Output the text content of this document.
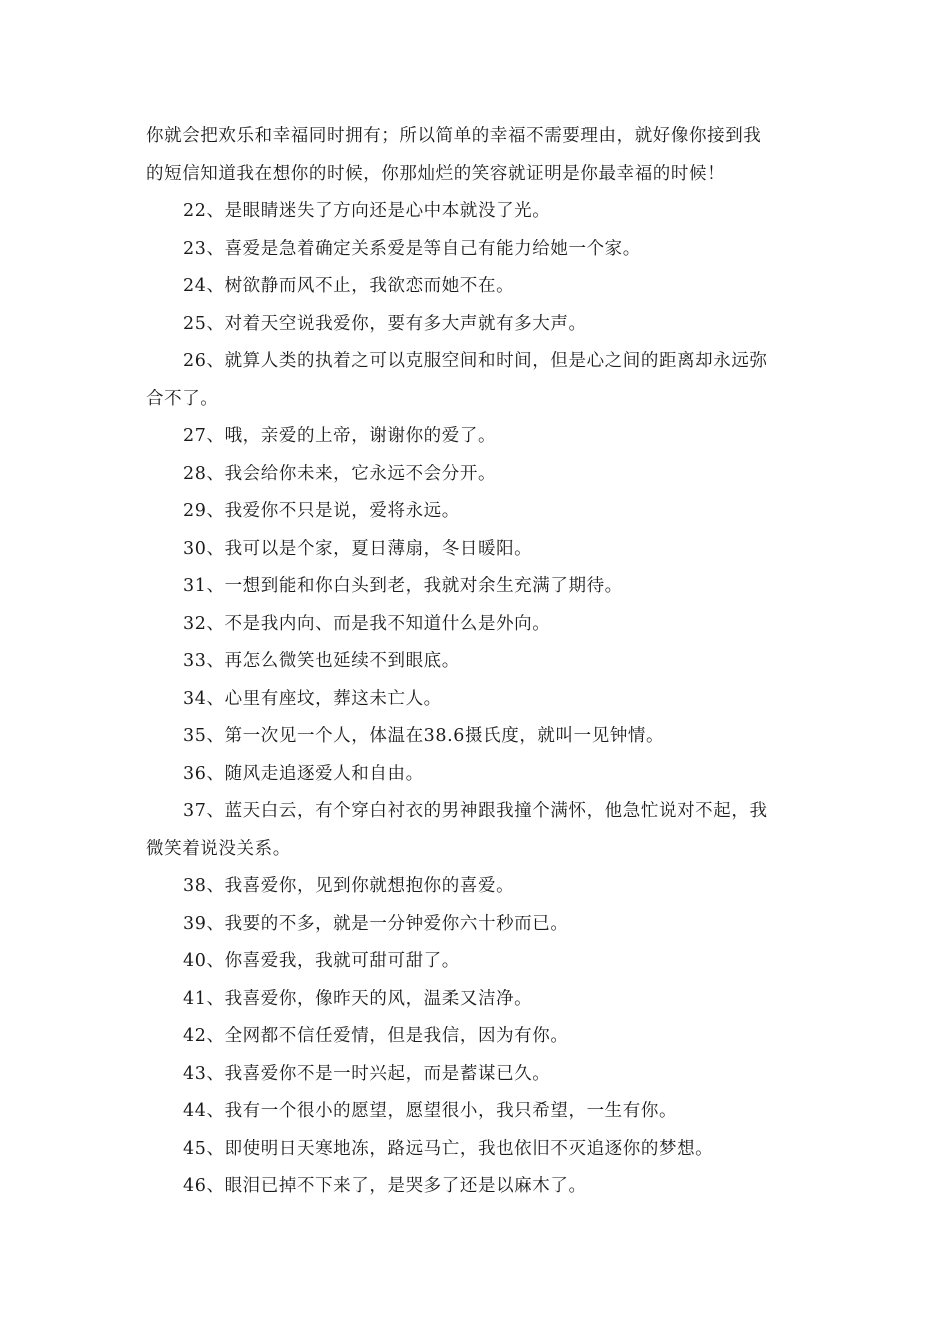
你就会把欢乐和幸福同时拥有；所以简单的幸福不需要理由，就好像你接到我

的短信知道我在想你的时候，你那灿烂的笑容就证明是你最幸福的时候！

22、是眼睛迷失了方向还是心中本就没了光。

23、喜爱是急着确定关系爱是等自己有能力给她一个家。

24、树欲静而风不止，我欲恋而她不在。

25、对着天空说我爱你，要有多大声就有多大声。

26、就算人类的执着之可以克服空间和时间，但是心之间的距离却永远弥

合不了。

27、哦，亲爱的上帝，谢谢你的爱了。

28、我会给你未来，它永远不会分开。

29、我爱你不只是说，爱将永远。

30、我可以是个家，夏日薄扇，冬日暖阳。

31、一想到能和你白头到老，我就对余生充满了期待。

32、不是我内向、而是我不知道什么是外向。

33、再怎么微笑也延续不到眼底。

34、心里有座坟，葬这未亡人。

35、第一次见一个人，体温在38.6摄氏度，就叫一见钟情。

36、随风走追逐爱人和自由。

37、蓝天白云，有个穿白衬衣的男神跟我撞个满怀，他急忙说对不起，我

微笑着说没关系。

38、我喜爱你，见到你就想抱你的喜爱。

39、我要的不多，就是一分钟爱你六十秒而已。

40、你喜爱我，我就可甜可甜了。

41、我喜爱你，像昨天的风，温柔又洁净。

42、全网都不信任爱情，但是我信，因为有你。

43、我喜爱你不是一时兴起，而是蓄谋已久。

44、我有一个很小的愿望，愿望很小，我只希望，一生有你。

45、即使明日天寒地冻，路远马亡，我也依旧不灭追逐你的梦想。

46、眼泪已掉不下来了，是哭多了还是以麻木了。
